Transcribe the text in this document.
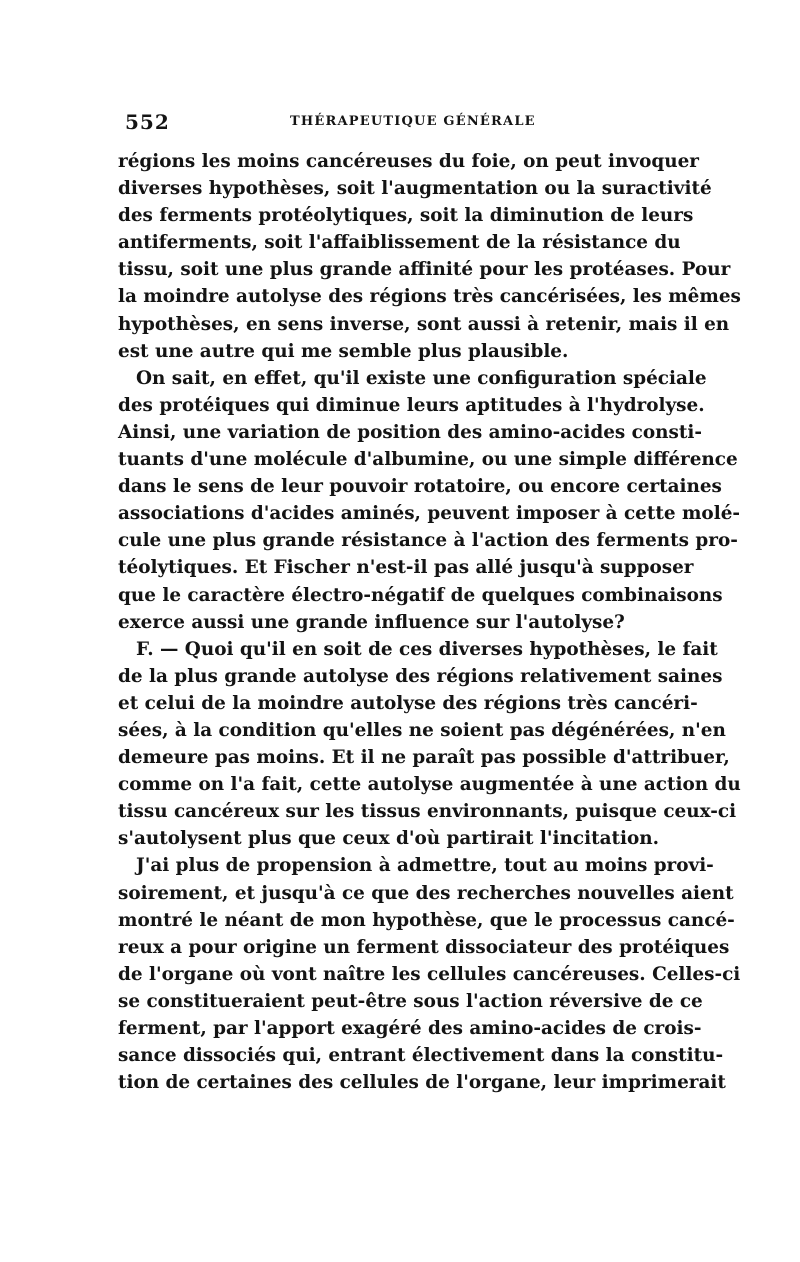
552	THÉRAPEUTIQUE GÉNÉRALE
régions les moins cancéreuses du foie, on peut invoquer
diverses hypothèses, soit l'augmentation ou la suractivité
des ferments protéolytiques, soit la diminution de leurs
antiferments, soit l'affaiblissement de la résistance du
tissu, soit une plus grande affinité pour les protéases. Pour
la moindre autolyse des régions très cancérisées, les mêmes
hypothèses, en sens inverse, sont aussi à retenir, mais il en
est une autre qui me semble plus plausible.
On sait, en effet, qu'il existe une configuration spéciale
des protéiques qui diminue leurs aptitudes à l'hydrolyse.
Ainsi, une variation de position des amino-acides consti-
tuants d'une molécule d'albumine, ou une simple différence
dans le sens de leur pouvoir rotatoire, ou encore certaines
associations d'acides aminés, peuvent imposer à cette molé-
cule une plus grande résistance à l'action des ferments pro-
téolytiques. Et Fischer n'est-il pas allé jusqu'à supposer
que le caractère électro-négatif de quelques combinaisons
exerce aussi une grande influence sur l'autolyse?
F. — Quoi qu'il en soit de ces diverses hypothèses, le fait
de la plus grande autolyse des régions relativement saines
et celui de la moindre autolyse des régions très cancéri-
sées, à la condition qu'elles ne soient pas dégénérées, n'en
demeure pas moins. Et il ne paraît pas possible d'attribuer,
comme on l'a fait, cette autolyse augmentée à une action du
tissu cancéreux sur les tissus environnants, puisque ceux-ci
s'autolysent plus que ceux d'où partirait l'incitation.
J'ai plus de propension à admettre, tout au moins provi-
soirement, et jusqu'à ce que des recherches nouvelles aient
montré le néant de mon hypothèse, que le processus cancé-
reux a pour origine un ferment dissociateur des protéiques
de l'organe où vont naître les cellules cancéreuses. Celles-ci
se constitueraient peut-être sous l'action réversive de ce
ferment, par l'apport exagéré des amino-acides de crois-
sance dissociés qui, entrant électivement dans la constitu-
tion de certaines des cellules de l'organe, leur imprimerait
